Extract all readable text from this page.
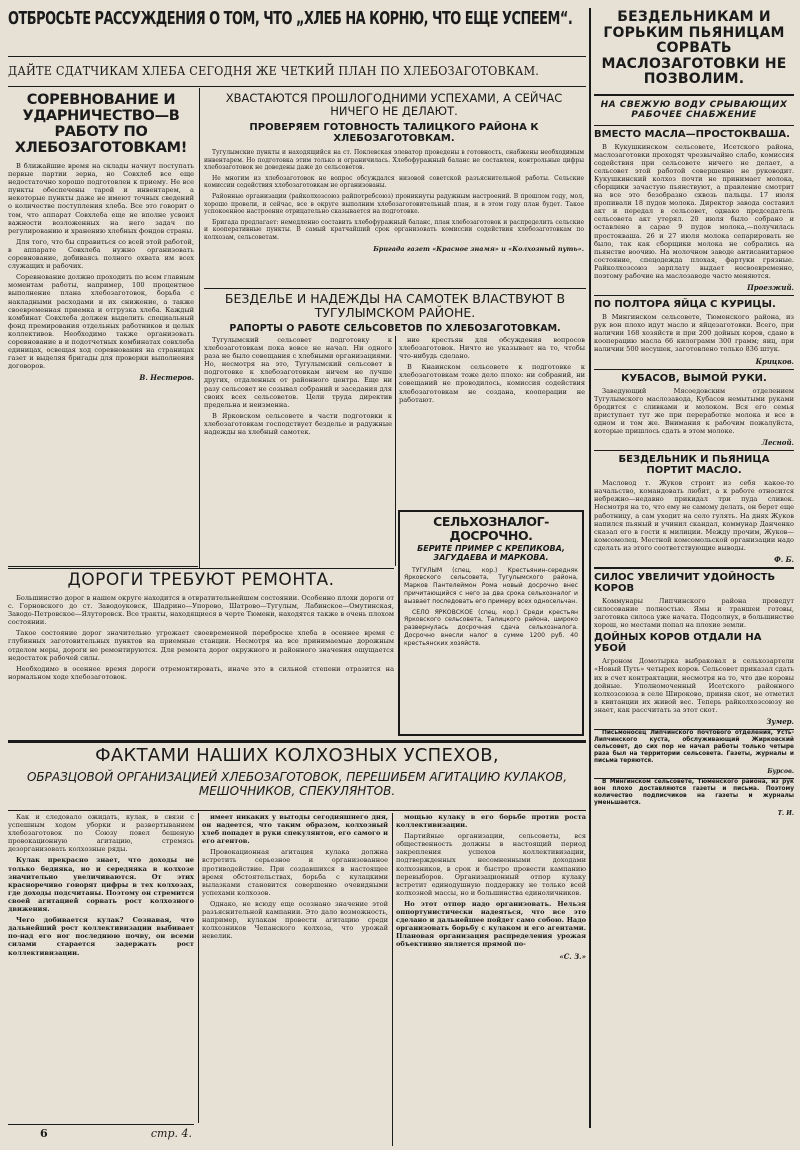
ОТБРОСЬТЕ РАССУЖДЕНИЯ О ТОМ, ЧТО „ХЛЕБ НА КОРНЮ, ЧТО ЕЩЕ УСПЕЕМ“.
ДАЙТЕ СДАТЧИКАМ ХЛЕБА СЕГОДНЯ ЖЕ ЧЕТКИЙ ПЛАН ПО ХЛЕБОЗАГОТОВКАМ.
СОРЕВНОВАНИЕ И УДАРНИЧЕСТВО—В РАБОТУ ПО ХЛЕБОЗАГОТОВКАМ!

В ближайшие время на склады начнут поступать первые партии зерна, но Совхлеб все еще недостаточно хорошо подготовлен к приему. Не все пункты обеспечены тарой и инвентарем, а некоторые пункты даже не имеют точных сведений о количестве поступления хлеба. Все это говорит о том, что аппарат Совхлеба еще не вполне усвоил важности возложенных на него задач по регулированию и хранению хлебных фондов страны.

Для того, что бы справиться со всей этой работой, в аппарате Совхлеба нужно организовать соревнование, добиваясь полного охвата им всех служащих и рабочих.

Соревнование должно проходить по всем главным моментам работы, например, 100 процентное выполнение плана хлебозаготовок, борьба с накладными расходами и их снижение, а также своевременная приемка и отгрузка хлеба. Каждый комбинат Совхлеба должен выделить специальный фонд премирования отдельных работников и целых коллективов. Необходимо также организовать соревнование в и подотчетных комбинатах совхлеба единицах, освещая ход соревнования на страницах газет и выделяя бригады для проверки выполнения договоров.

В. Нестеров.

ХВАСТАЮТСЯ ПРОШЛОГОДНИМИ УСПЕХАМИ, А СЕЙЧАС НИЧЕГО НЕ ДЕЛАЮТ.
ПРОВЕРЯЕМ ГОТОВНОСТЬ ТАЛИЦКОГО РАЙОНА К ХЛЕБОЗАГОТОВКАМ.

Тугулымские пункты и находящийся на ст. Поклевская элеватор проведены в готовность, снабжены необходимым инвентарем. Но подготовка этим только и ограничилась. Хлебофуражный баланс не составлен, контрольные цифры хлебозаготовок не доведены даже до сельсоветов.

Не многим из хлебозаготовок не вопрос обсуждался низовой советской разъяснительной работы. Сельские комиссии содействия хлебозаготовкам не организованы.

Районные организации (райколхозсоюз райпотребсоюз) проникнуты радужным настроений. В прошлом году, мол, хорошо провели, и сейчас, все в округе выполним хлебозаготовительный план, и в этом году план будет. Такое успокоенное настроение отрицательно сказывается на подготовке.

Бригада предлагает: немедленно составить хлебофуражный баланс, план хлебозаготовок и распределить сельские и кооперативные пункты. В самый кратчайший срок организовать комиссии содействия хлебозаготовкам по колхозам, сельсоветам.

Бригада газет «Красное знамя» и «Колхозный путь».

БЕЗДЕЛЬЕ И НАДЕЖДЫ НА САМОТЕК ВЛАСТВУЮТ В ТУГУЛЫМСКОМ РАЙОНЕ.
РАПОРТЫ О РАБОТЕ СЕЛЬСОВЕТОВ ПО ХЛЕБОЗАГОТОВКАМ.

Тугулымский сельсовет подготовку к хлебозаготовкам пока вовсе не начал. Ни одного раза не было совещания с хлебными организациями. Но, несмотря на это, Тугулымский сельсовет в подготовке к хлебозаготовкам ничем не лучше других, отдаленных от районного центра. Еще ни разу сельсовет не созывал собраний и заседания для своих всех сельсоветов. Цели труда директив предельна и неизменна.

В Ярковском сельсовете в части подготовки к хлебозаготовкам господствует безделье и радужные надежды на хлебный самотек.

ние крестьян для обсуждения вопросов хлебозаготовок. Ничто не указывает на то, чтобы что-нибудь сделано.

В Кнаинском сельсовете к подготовке к хлебозаготовкам тоже дело плохо: ни собраний, ни совещаний не проводилось, комиссия содействия хлебозаготовкам не создана, кооперации не работают.

СЕЛЬХОЗНАЛОГ-ДОСРОЧНО.
БЕРИТЕ ПРИМЕР С КРЕПИКОВА, ЗАГУДАЕВА И МАРКОВА.

ТУГУЛЫМ (спец. кор.) Крестьянин-середняк Ярковского сельсовета, Тугулымского района, Марков Пантелеймон Рома новый досрочно внес причитающийся с него за два срока сельхозналог и вызвает последовать его примеру всех односельчан.

СЕЛО ЯРКОВСКОЕ (спец. кор.) Среди крестьян Ярковского сельсовета, Талицкого района, широко развернулась досрочная сдача сельхозналога. Досрочно внесли налог в сумме 1200 руб. 40 крестьянских хозяйств.

ДОРОГИ ТРЕБУЮТ РЕМОНТА.

Большинство дорог в нашем округе находится в отвратительнейшем состоянии. Особенно плохи дороги от с. Горновского до ст. Заводоуковск, Шадрино—Упорово, Шатрово—Тугулым, Лабинское—Омутинская, Заводо-Петровское—Ялуторовск. Все тракты, находящиеся в черте Тюмени, находятся также в очень плохом состоянии.

Такое состояние дорог значительно угрожает своевременной переброске хлеба в осеннее время с глубинных заготовительных пунктов на приемные станции. Несмотря на все принимаемые дорожным отделом меры, дороги не ремонтируются. Для ремонта дорог окружного и районного значения ощущается недостаток рабочей силы.

Необходимо в осеннее время дороги отремонтировать, иначе это в сильной степени отразится на нормальном ходе хлебозаготовок.

ФАКТАМИ НАШИХ КОЛХОЗНЫХ УСПЕХОВ,
ОБРАЗЦОВОЙ ОРГАНИЗАЦИЕЙ ХЛЕБОЗАГОТОВОК, ПЕРЕШИБЕМ АГИТАЦИЮ КУЛАКОВ, МЕШОЧНИКОВ, СПЕКУЛЯНТОВ.

Как и следовало ожидать, кулак, в связи с успешным ходом уборки и развертыванием хлебозаготовок по Союзу повел бешеную провокационную агитацию, стремясь дезорганизовать колхозные ряды.

Кулак прекрасно знает, что доходы не только бедняка, но и середняка в колхозе значительно увеличиваются. От этих красноречиво говорят цифры в тех колхозах, где доходы подсчитаны. Поэтому он стремится своей агитацией сорвать рост колхозного движения.

Чего добивается кулак? Сознавая, что дальнейший рост коллективизации выбивает по-над его ног последнюю почву, он всеми силами старается задержать рост коллективизации.

имеет никаких у вытоды сегодняшнего дня, он надеется, что таким образом, колхозный хлеб попадет в руки спекулянтов, его самого и его агентов.

Провокационная агитация кулака должна встретить серьезное и организованное противодействие. При создавшихся в настоящее время обстоятельствах, борьба с кулацкими вылазками становится совершенно очевидными успехами колхозов.

Однако, не всюду еще осознано значение этой разъяснительной кампании. Это дало возможность, например, кулакам провести агитацию среди колхозников Чепанского колхоза, что урожай невелик.

мощью кулаку в его борьбе против роста коллективизации.

Партийные организации, сельсоветы, вся общественность должны в настоящий период закрепления успехов коллективизации, подтвержденных несомненными доходами колхозников, в срок и быстро провести кампанию перевыборов. Организационный отпор кулаку встретит единодушную поддержку не только всей колхозной массы, но и большинства единоличников.

Но этот отпор надо организовать. Нельзя оппортунистически надеяться, что все это сделано и дальнейшее пойдет само собою. Надо организовать борьбу с кулаком и его агентами. Плановая организация распределения урожая объективно является прямой по-

«С. З.»

6	стр. 4.
БЕЗДЕЛЬНИКАМ И ГОРЬКИМ ПЬЯНИЦАМ СОРВАТЬ МАСЛОЗАГОТОВКИ НЕ ПОЗВОЛИМ.
НА СВЕЖУЮ ВОДУ СРЫВАЮЩИХ РАБОЧЕЕ СНАБЖЕНИЕ
ВМЕСТО МАСЛА—ПРОСТОКВАША.

В Кукушкинском сельсовете, Исетского района, маслозаготовки проходят чрезвычайно слабо, комиссия содействия при сельсовете ничего не делает, а сельсовет этой работой совершенно не руководит. Кукушкинский колхоз почти не принимает молока, сборщики зачастую пьянствуют, а правление смотрит на все это безобразно сквозь пальцы. 17 июля пропивали 18 пудов молока. Директор завода составил акт и передал в сельсовет, однако председатель сельсовета акт утерял. 20 июля было собрано и оставлено в сарае 9 пудов молока,—получилась простокваша. 26 и 27 июля молока сепарировать не было, так как сборщики молока не собрались на пьянстве воочию. На молочном заводе антисанитарное состояние, спецодежда плохая, фартуки грязные. Райколхозсоюз зарплату выдает несвоевременно, поэтому рабочие на маслозаводе часто меняются.

Проезжий.

ПО ПОЛТОРА ЯЙЦА С КУРИЦЫ.

В Мингинском сельсовете, Тюменского района, из рук вон плохо идут масло и яйцезаготовки. Всего, при наличии 168 хозяйств и при 200 дойных коров, сдано в кооперацию масла 66 килограмм 300 грамм; яиц, при наличии 500 несушек, заготовлено только 836 штук.

Крицков.

КУБАСОВ, ВЫМОЙ РУКИ.

Заведующий Мясоедовским отделением Тугулымского маслозавода, Кубасов немытыми руками бродится с сливками и молоком. Вся его семья приступает тут же при переработке молока и все в одном и том же. Внимания к рабочим пожалуйста, которые пришлось сдать в этом молоке.

Лесной.

БЕЗДЕЛЬНИК И ПЬЯНИЦА ПОРТИТ МАСЛО.

Масловод т. Жуков строит из себя какое-то начальство, командовать любит, а к работе относится небрежно—недавно прикидал три пуда сливок. Несмотря на то, что ему не самому делать, он берет еще работницу, а сам уходит на село гулять. На днях Жуков напился пьяный и учинил скандал, коммунар Данченко сказал его в гости к милиции. Между прочим, Жуков—комсомолец. Местной комсомольской организации надо сделать из этого соответствующие выводы.

Ф. Б.

СИЛОС УВЕЛИЧИТ УДОЙНОСТЬ КОРОВ

Коммунары Липчинского района проведут силосование полностью. Ямы и траншеи готовы, заготовка силоса уже начата. Подсолнух, в большинстве хорош, но местами попал на плохие земли.

ДОЙНЫХ КОРОВ ОТДАЛИ НА УБОЙ

Агроном Домотырка выбраковал в сельхозартели «Новый Путь» четырех коров. Сельсовет приказал сдать их в счет контрактации, несмотря на то, что две коровы дойные. Уполномоченный Исетского районного колхозсоюза в селе Широково, приняв скот, не отметил в квитанции их живой вес. Теперь райколхозсоюзу не знает, как рассчитать за этот скот.

Зумер.

Письмоносец Липчинского почтового отделения, Усть-Липчинского куста, обслуживающий Жирковский сельсовет, до сих пор не начал работы только четыре раза был на территории сельсовета. Газеты, журналы и письма теряются.

Бурсов.

В Мингинском сельсовете, Тюменского района, из рук вон плохо доставляются газеты и письма. Поэтому количество подписчиков на газеты и журналы уменьшается.

Т. И.
